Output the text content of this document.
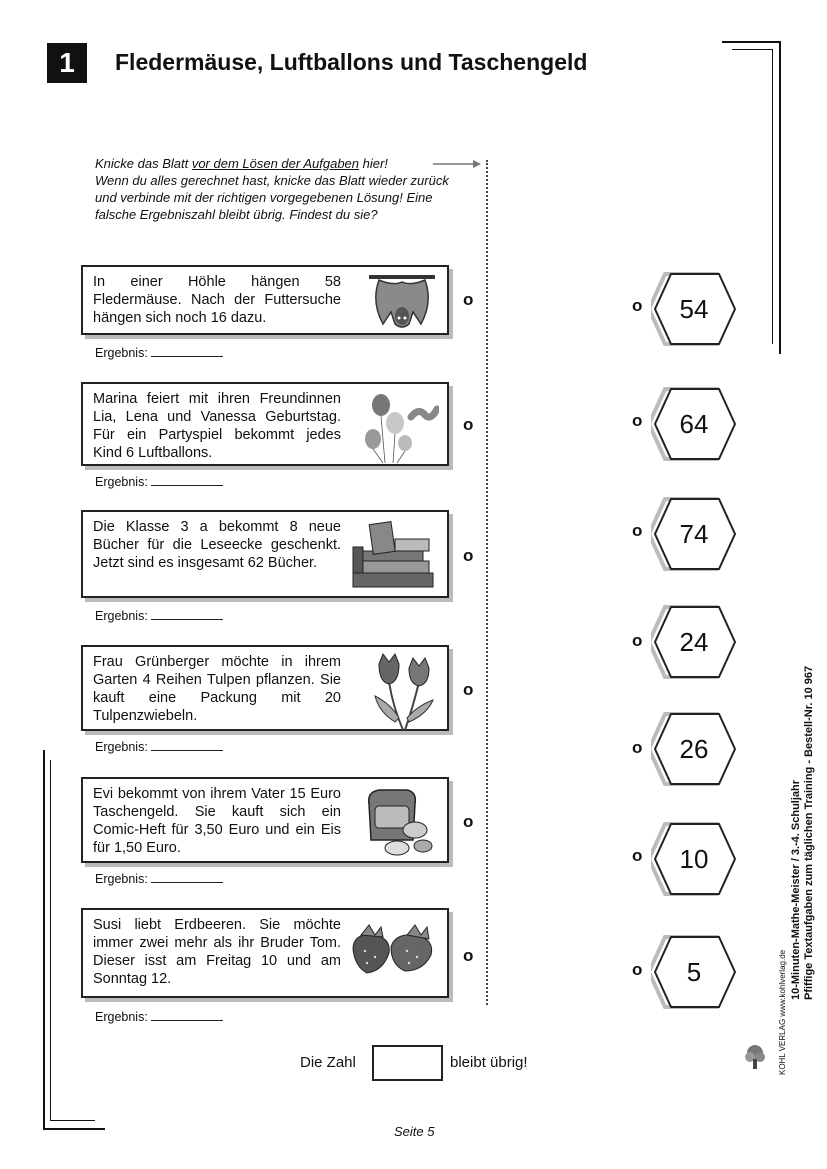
1	Fledermäuse, Luftballons und Taschengeld
Knicke das Blatt vor dem Lösen der Aufgaben hier!
Wenn du alles gerechnet hast, knicke das Blatt wieder zurück und verbinde mit der richtigen vorgegebenen Lösung! Eine falsche Ergebniszahl bleibt übrig. Findest du sie?
In einer Höhle hängen 58 Fledermäuse. Nach der Futtersuche hängen sich noch 16 dazu.
Ergebnis:
o
Marina feiert mit ihren Freundinnen Lia, Lena und Vanessa Geburtstag. Für ein Partyspiel bekommt jedes Kind 6 Luftballons.
Ergebnis:
o
Die Klasse 3 a bekommt 8 neue Bücher für die Leseecke geschenkt. Jetzt sind es insgesamt 62 Bücher.
Ergebnis:
o
Frau Grünberger möchte in ihrem Garten 4 Reihen Tulpen pflanzen. Sie kauft eine Packung mit 20 Tulpenzwiebeln.
Ergebnis:
o
Evi bekommt von ihrem Vater 15 Euro Taschengeld. Sie kauft sich ein Comic-Heft für 3,50 Euro und ein Eis für 1,50 Euro.
Ergebnis:
o
Susi liebt Erdbeeren. Sie möchte immer zwei mehr als ihr Bruder Tom. Dieser isst am Freitag 10 und am Sonntag 12.
Ergebnis:
o
54
o
64
o
74
o
24
o
26
o
10
o
5
o
Die Zahl	bleibt übrig!
Seite 5
10-Minuten-Mathe-Meister / 3.-4. Schuljahr Pfiffige Textaufgaben zum täglichen Training - Bestell-Nr. 10 967
KOHL VERLAG www.kohlverlag.de
